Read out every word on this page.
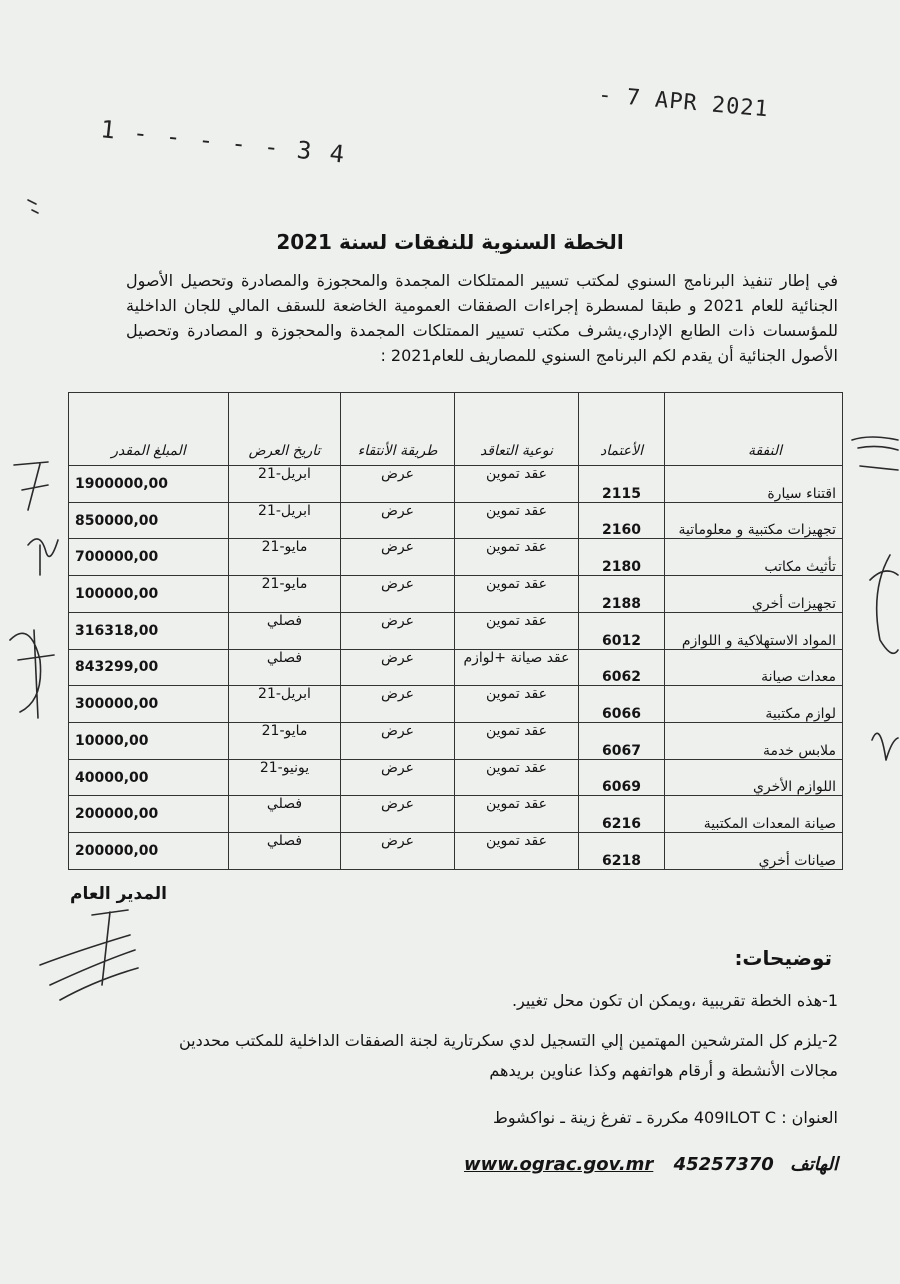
- 7 APR 2021
1 - - - - - 3 4
الخطة السنوية للنفقات لسنة 2021
في إطار تنفيذ البرنامج السنوي لمكتب تسيير الممتلكات المجمدة والمحجوزة والمصادرة وتحصيل الأصول الجنائية للعام 2021 و طبقا لمسطرة إجراءات الصفقات العمومية الخاضعة للسقف المالي للجان الداخلية للمؤسسات ذات الطابع الإداري،يشرف مكتب تسيير الممتلكات المجمدة والمحجوزة و المصادرة وتحصيل الأصول الجنائية أن يقدم لكم البرنامج السنوي للمصاريف للعام2021 :
النفقة	الأعتماد	نوعية التعاقد	طريقة الأنتقاء	تاريخ العرض	المبلغ المقدر
اقتناء سيارة	2115	عقد تموين	عرض	ابريل-21	1900000,00
تجهيزات مكتبية و معلوماتية	2160	عقد تموين	عرض	ابريل-21	850000,00
تأثيث مكاتب	2180	عقد تموين	عرض	مايو-21	700000,00
تجهيزات أخري	2188	عقد تموين	عرض	مايو-21	100000,00
المواد الاستهلاكية و اللوازم	6012	عقد تموين	عرض	فصلي	316318,00
معدات صيانة	6062	عقد صيانة +لوازم	عرض	فصلي	843299,00
لوازم مكتبية	6066	عقد تموين	عرض	ابريل-21	300000,00
ملابس خدمة	6067	عقد تموين	عرض	مايو-21	10000,00
اللوازم الأخري	6069	عقد تموين	عرض	يونيو-21	40000,00
صيانة المعدات المكتبية	6216	عقد تموين	عرض	فصلي	200000,00
صيانات أخري	6218	عقد تموين	عرض	فصلي	200000,00
المدير العام
توضيحات:
1-هذه الخطة تقريبية ،ويمكن ان تكون محل تغيير.
2-يلزم كل المترشحين المهتمين إلي التسجيل لدي سكرتارية لجنة الصفقات الداخلية للمكتب محددين مجالات الأنشطة و أرقام هواتفهم وكذا عناوين بريدهم
العنوان : 409ILOT C مكررة ـ تفرغ زينة ـ نواكشوط
الهاتف 45257370 www.ograc.gov.mr
